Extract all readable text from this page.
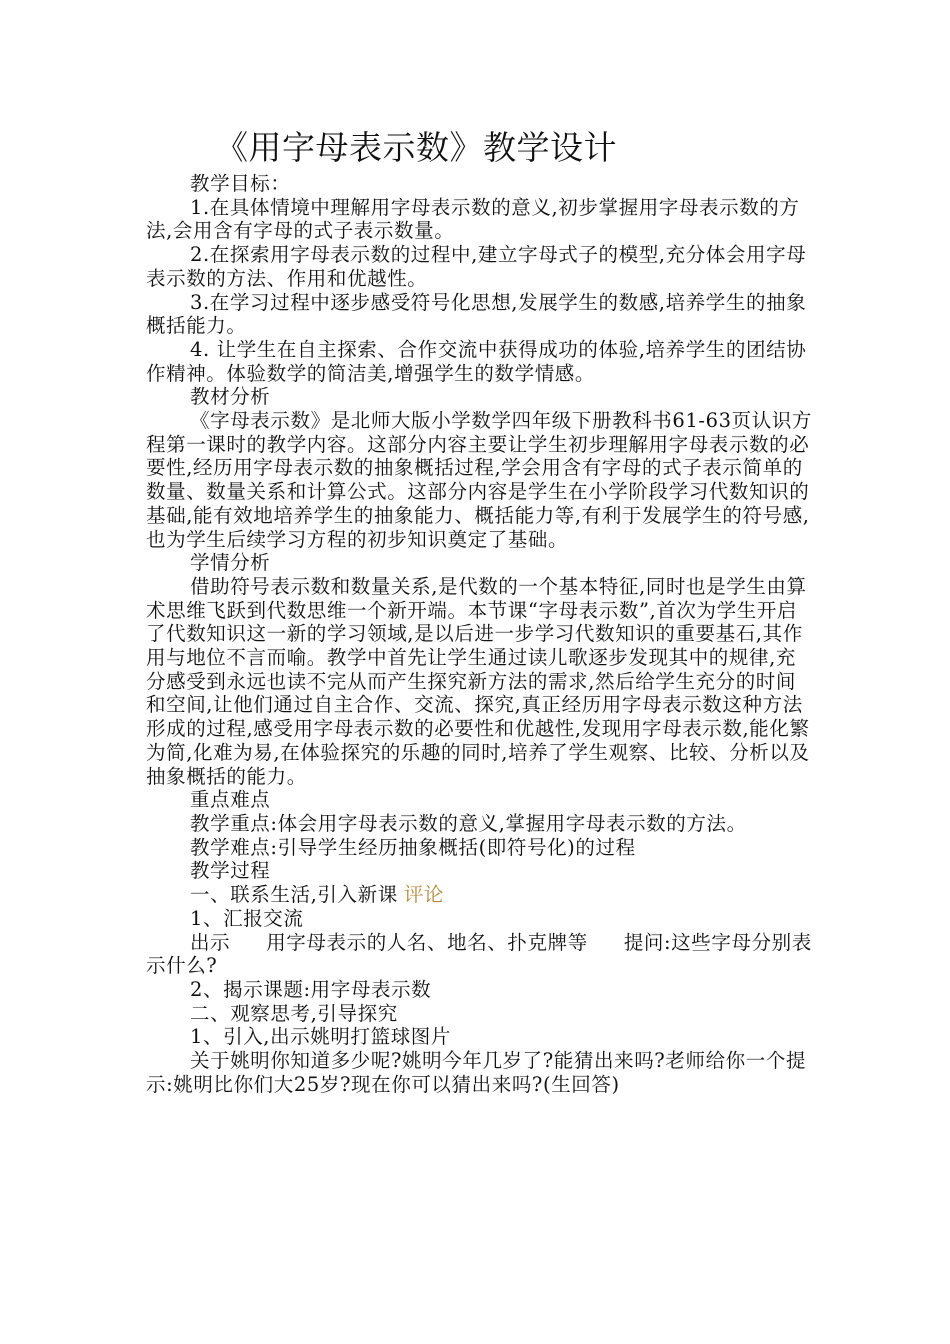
《用字母表示数》教学设计

教学目标：

1.在具体情境中理解用字母表示数的意义,初步掌握用字母表示数的方法,会用含有字母的式子表示数量。

2.在探索用字母表示数的过程中,建立字母式子的模型,充分体会用字母表示数的方法、作用和优越性。

3.在学习过程中逐步感受符号化思想,发展学生的数感,培养学生的抽象概括能力。

4. 让学生在自主探索、合作交流中获得成功的体验,培养学生的团结协作精神。体验数学的简洁美,增强学生的数学情感。

教材分析

《字母表示数》是北师大版小学数学四年级下册教科书61-63页认识方程第一课时的教学内容。这部分内容主要让学生初步理解用字母表示数的必要性,经历用字母表示数的抽象概括过程,学会用含有字母的式子表示简单的数量、数量关系和计算公式。这部分内容是学生在小学阶段学习代数知识的基础,能有效地培养学生的抽象能力、概括能力等,有利于发展学生的符号感,也为学生后续学习方程的初步知识奠定了基础。

学情分析

借助符号表示数和数量关系,是代数的一个基本特征,同时也是学生由算术思维飞跃到代数思维一个新开端。本节课“字母表示数”,首次为学生开启了代数知识这一新的学习领域,是以后进一步学习代数知识的重要基石,其作用与地位不言而喻。教学中首先让学生通过读儿歌逐步发现其中的规律,充分感受到永远也读不完从而产生探究新方法的需求,然后给学生充分的时间和空间,让他们通过自主合作、交流、探究,真正经历用字母表示数这种方法形成的过程,感受用字母表示数的必要性和优越性,发现用字母表示数,能化繁为简,化难为易,在体验探究的乐趣的同时,培养了学生观察、比较、分析以及抽象概括的能力。

重点难点

教学重点:体会用字母表示数的意义,掌握用字母表示数的方法。

教学难点:引导学生经历抽象概括(即符号化)的过程

教学过程

一、联系生活,引入新课 评论

1、汇报交流

出示 用字母表示的人名、地名、扑克牌等 提问:这些字母分别表示什么?

2、揭示课题:用字母表示数

二、观察思考,引导探究

1、引入,出示姚明打篮球图片

关于姚明你知道多少呢?姚明今年几岁了?能猜出来吗?老师给你一个提示:姚明比你们大25岁?现在你可以猜出来吗?(生回答)
